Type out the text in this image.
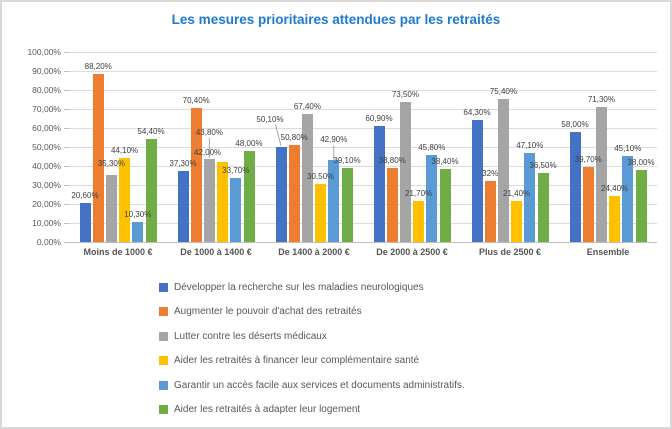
Les mesures prioritaires attendues par les retraités
100,00%
90,00%
80,00%
70,00%
60,00%
50,00%
40,00%
30,00%
20,00%
10,00%
0,00%
20,60%
37,30%
50,10%	60,90%
64,30%
58,00%
88,20%
70,40%
50,80%
38,80%
32%
39,70%
35,30%
43,80%
67,40%
73,50%	75,40%
71,30%
44,10%	42,00%
30,50%
21,70%	21,40%
24,40%
10,30%
33,70%
42,90%
45,80%	47,10%	45,10%
54,40%
48,00%
39,10%	38,40%	36,50%	38,00%
Moins de 1000 €	De 1000 à 1400 €	De 1400 à 2000 €	De 2000 à 2500 €	Plus de 2500 €	Ensemble
Développer la recherche sur les maladies neurologiques
Augmenter le pouvoir d'achat des retraités
Lutter contre les déserts médicaux
Aider les retraités à financer leur complémentaire santé
Garantir un accès facile aux services et documents administratifs.
Aider les retraités à adapter leur logement
